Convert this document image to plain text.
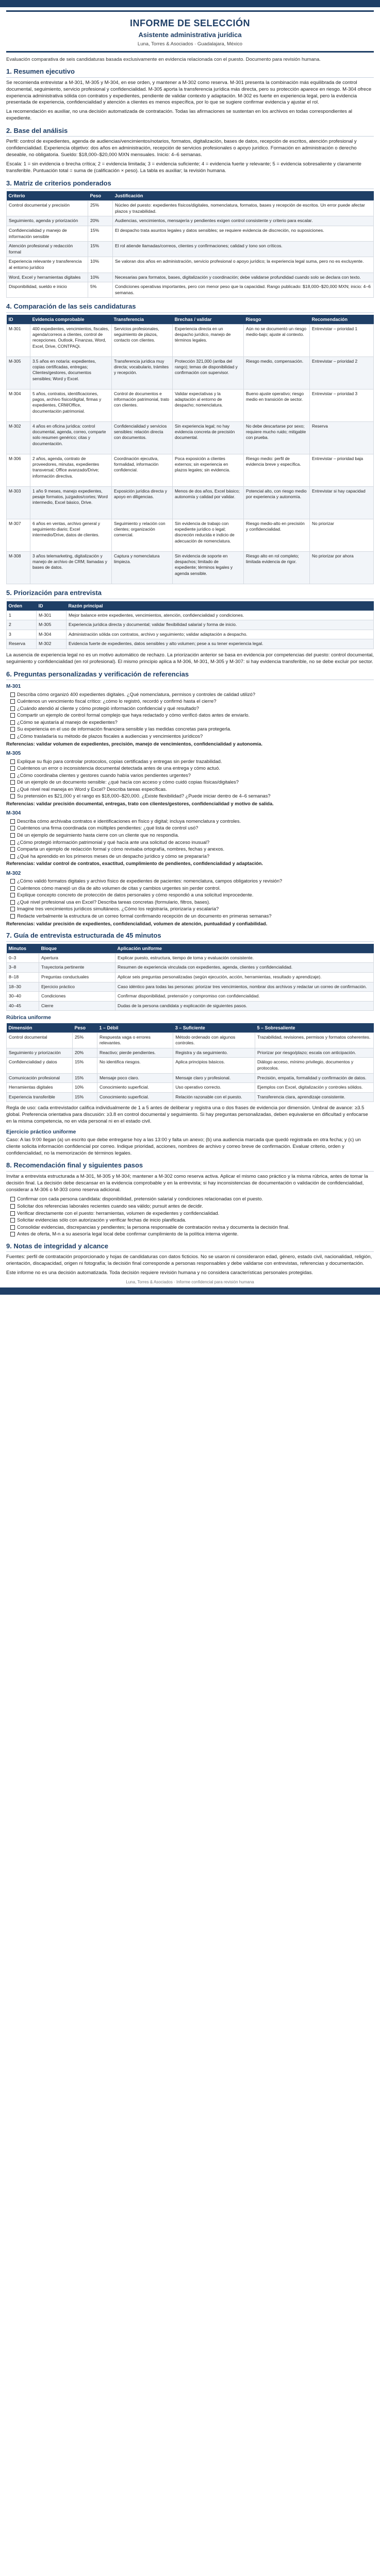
INFORME DE SELECCIÓN
Asistente administrativa jurídica
Luna, Torres & Asociados · Guadalajara, México
Evaluación comparativa de seis candidaturas basada exclusivamente en evidencia relacionada con el puesto. Documento para revisión humana.
1. Resumen ejecutivo

Se recomienda entrevistar a M-301, M-305 y M-304, en ese orden, y mantener a M-302 como reserva. M-301 presenta la combinación más equilibrada de control documental, seguimiento, servicio profesional y confidencialidad. M-305 aporta la transferencia jurídica más directa, pero su protección aparece en riesgo. M-304 ofrece experiencia administrativa sólida con contratos y expedientes, pendiente de validar contexto y adaptación. M-302 es fuerte en experiencia legal, pero la evidencia presentada de experiencia, confidencialidad y atención a clientes es menos específica, por lo que se sugiere confirmar evidencia y ajustar el rol.

La recomendación es auxiliar, no una decisión automatizada de contratación. Todas las afirmaciones se sustentan en los archivos en todas correspondientes al expediente.

2. Base del análisis

Perfil: control de expedientes, agenda de audiencias/vencimientos/notarios, formatos, digitalización, bases de datos, recepción de escritos, atención profesional y confidencialidad. Experiencia objetivo: dos años en administración, recepción de servicios profesionales o apoyo jurídico. Formación en administración o derecho deseable, no obligatoria. Sueldo: $18,000–$20,000 MXN mensuales. Inicio: 4–6 semanas.

Escala: 1 = sin evidencia o brecha crítica; 2 = evidencia limitada; 3 = evidencia suficiente; 4 = evidencia fuerte y relevante; 5 = evidencia sobresaliente y claramente transferible. Puntuación total = suma de (calificación × peso). La tabla es auxiliar; la revisión humana.

3. Matriz de criterios ponderados
Criterio	Peso	Justificación
Control documental y precisión	25%	Núcleo del puesto: expedientes físicos/digitales, nomenclatura, formatos, bases y recepción de escritos. Un error puede afectar plazos y trazabilidad.
Seguimiento, agenda y priorización	20%	Audiencias, vencimientos, mensajería y pendientes exigen control consistente y criterio para escalar.
Confidencialidad y manejo de información sensible	15%	El despacho trata asuntos legales y datos sensibles; se requiere evidencia de discreción, no suposiciones.
Atención profesional y redacción formal	15%	El rol atiende llamadas/correos, clientes y confirmaciones; calidad y tono son críticos.
Experiencia relevante y transferencia al entorno jurídico	10%	Se valoran dos años en administración, servicio profesional o apoyo jurídico; la experiencia legal suma, pero no es excluyente.
Word, Excel y herramientas digitales	10%	Necesarias para formatos, bases, digitalización y coordinación; debe validarse profundidad cuando solo se declara con texto.
Disponibilidad, sueldo e inicio	5%	Condiciones operativas importantes, pero con menor peso que la capacidad. Rango publicado: $18,000–$20,000 MXN; inicio: 4–6 semanas.
4. Comparación de las seis candidaturas
ID	Evidencia comprobable	Transferencia	Brechas / validar	Riesgo	Recomendación
M-301	400 expedientes, vencimientos, fiscales, agenda/correos a clientes, control de recepciones. Outlook, Finanzas, Word, Excel, Drive, CONTPAQi.	Servicios profesionales, seguimiento de plazos, contacto con clientes.	Experiencia directa en un despacho jurídico, manejo de términos legales.	Aún no se documentó un riesgo medio-bajo; ajuste al contexto.	Entrevistar – prioridad 1
M-305	3.5 años en notaría: expedientes, copias certificadas, entregas; Clientes/gestores, documentos sensibles; Word y Excel.	Transferencia jurídica muy directa; vocabulario, trámites y recepción.	Protección 321,000 (arriba del rango); temas de disponibilidad y confirmación con supervisor.	Riesgo medio, compensación.	Entrevistar – prioridad 2
M-304	5 años, contratos, identificaciones, pagos, archivo físico/digital, firmas y expedientes, CRM/Office, documentación patrimonial.	Control de documentos e información patrimonial, trato con clientes.	Validar expectativas y la adaptación al entorno de despacho; nomenclatura.	Bueno ajuste operativo; riesgo medio en transición de sector.	Entrevistar – prioridad 3
M-302	4 años en oficina jurídica: control documental, agenda, correo, comparte solo resumen genérico; citas y documentación.	Confidencialidad y servicios sensibles: relación directa con documentos.	Sin experiencia legal; no hay evidencia concreta de precisión documental.	No debe descartarse por sexo; requiere mucho ruido; mitigable con prueba.	Reserva
M-306	2 años, agenda, contrato de proveedores, minutas, expedientes transversal; Office avanzado/Drive; información directiva.	Coordinación ejecutiva, formalidad, información confidencial.	Poca exposición a clientes externos; sin experiencia en plazos legales; sin evidencia.	Riesgo medio: perfil de evidencia breve y específica.	Entrevistar – prioridad baja
M-303	1 año 9 meses, manejo expedientes, pesaje formatos, juzgados/cortes; Word intermedio, Excel básico, Drive.	Exposición jurídica directa y apoyo en diligencias.	Menos de dos años, Excel básico; autonomía y calidad por validar.	Potencial alto, con riesgo medio por experiencia y autonomía.	Entrevistar si hay capacidad
M-307	6 años en ventas, archivo general y seguimiento diario; Excel intermedio/Drive, datos de clientes.	Seguimiento y relación con clientes; organización comercial.	Sin evidencia de trabajo con expediente jurídico o legal; discreción reducida e indicio de adecuación de nomenclatura.	Riesgo medio-alto en precisión y confidencialidad.	No priorizar
M-308	3 años telemarketing, digitalización y manejo de archivo de CRM; llamadas y bases de datos.	Captura y nomenclatura limpieza.	Sin evidencia de soporte en despachos; limitado de expediente; términos legales y agenda sensible.	Riesgo alto en rol completo; limitada evidencia de rigor.	No priorizar por ahora
5. Priorización para entrevista
Orden	ID	Razón principal
1	M-301	Mejor balance entre expedientes, vencimientos, atención, confidencialidad y condiciones.
2	M-305	Experiencia jurídica directa y documental; validar flexibilidad salarial y forma de inicio.
3	M-304	Administración sólida con contratos, archivo y seguimiento; validar adaptación a despacho.
Reserva	M-302	Evidencia fuerte de expedientes, datos sensibles y alto volumen; pese a su tener experiencia legal.

La ausencia de experiencia legal no es un motivo automático de rechazo. La priorización anterior se basa en evidencia por competencias del puesto: control documental, seguimiento y confidencialidad (en rol profesional). El mismo principio aplica a M-306, M-301, M-305 y M-307: si hay evidencia transferible, no se debe excluir por sector.

6. Preguntas personalizadas y verificación de referencias
M-301
Describa cómo organizó 400 expedientes digitales. ¿Qué nomenclatura, permisos y controles de calidad utilizó?
Cuéntenos un vencimiento fiscal crítico: ¿cómo lo registró, recordó y confirmó hasta el cierre?
¿Cuándo atendió al cliente y cómo protegió información confidencial y qué resultado?
Compartir un ejemplo de control formal complejo que haya redactado y cómo verificó datos antes de enviarlo.
¿Cómo se ajustaría al manejo de expedientes?
Su experiencia en el uso de información financiera sensible y las medidas concretas para protegerla.
¿Cómo trasladaría su método de plazos fiscales a audiencias y vencimientos jurídicos?
Referencias: validar volumen de expedientes, precisión, manejo de vencimientos, confidencialidad y autonomía.
M-305
Explique su flujo para controlar protocolos, copias certificadas y entregas sin perder trazabilidad.
Cuéntenos un error o inconsistencia documental detectada antes de una entrega y cómo actuó.
¿Cómo coordinaba clientes y gestores cuando había varios pendientes urgentes?
Dé un ejemplo de un documento sensible: ¿qué hacía con acceso y cómo cuidó copias físicas/digitales?
¿Qué nivel real maneja en Word y Excel? Describa tareas específicas.
Su pretensión es $21,000 y el rango es $18,000–$20,000. ¿Existe flexibilidad? ¿Puede iniciar dentro de 4–6 semanas?
Referencias: validar precisión documental, entregas, trato con clientes/gestores, confidencialidad y motivo de salida.
M-304
Describa cómo archivaba contratos e identificaciones en físico y digital; incluya nomenclatura y controles.
Cuéntenos una firma coordinada con múltiples pendientes: ¿qué lista de control usó?
Dé un ejemplo de seguimiento hasta cierre con un cliente que no respondía.
¿Cómo protegió información patrimonial y qué hacía ante una solicitud de acceso inusual?
Comparta un ejemplo de redacción formal y cómo revisaba ortografía, nombres, fechas y anexos.
¿Qué ha aprendido en los primeros meses de un despacho jurídico y cómo se prepararía?
Referencias: validar control de contratos, exactitud, cumplimiento de pendientes, confidencialidad y adaptación.
M-302
¿Cómo validó formatos digitales y archivo físico de expedientes de pacientes: nomenclatura, campos obligatorios y revisión?
Cuéntenos cómo manejó un día de alto volumen de citas y cambios urgentes sin perder control.
Explique concepto concreto de protección de datos personales y cómo respondió a una solicitud improcedente.
¿Qué nivel profesional usa en Excel? Describa tareas concretas (formulario, filtros, bases).
Imagine tres vencimientos jurídicos simultáneos. ¿Cómo los registraría, priorizaría y escalaría?
Redacte verbalmente la estructura de un correo formal confirmando recepción de un documento en primeras semanas?
Referencias: validar precisión de expedientes, confidencialidad, volumen de atención, puntualidad y confiabilidad.
7. Guía de entrevista estructurada de 45 minutos
Minutos	Bloque	Aplicación uniforme
0–3	Apertura	Explicar puesto, estructura, tiempo de toma y evaluación consistente.
3–8	Trayectoria pertinente	Resumen de experiencia vinculada con expedientes, agenda, clientes y confidencialidad.
8–18	Preguntas conductuales	Aplicar seis preguntas personalizadas (según ejecución, acción, herramientas, resultado y aprendizaje).
18–30	Ejercicio práctico	Caso idéntico para todas las personas: priorizar tres vencimientos, nombrar dos archivos y redactar un correo de confirmación.
30–40	Condiciones	Confirmar disponibilidad, pretensión y compromiso con confidencialidad.
40–45	Cierre	Dudas de la persona candidata y explicación de siguientes pasos.
Rúbrica uniforme
Dimensión	Peso	1 – Débil	3 – Suficiente	5 – Sobresaliente
Control documental	25%	Respuesta vaga o errores relevantes.	Método ordenado con algunos controles.	Trazabilidad, revisiones, permisos y formatos coherentes.
Seguimiento y priorización	20%	Reactivo; pierde pendientes.	Registra y da seguimiento.	Priorizar por riesgo/plazo; escala con anticipación.
Confidencialidad y datos	15%	No identifica riesgos.	Aplica principios básicos.	Diálogo acceso, mínimo privilegio, documentos y protocolos.
Comunicación profesional	15%	Mensaje poco claro.	Mensaje claro y profesional.	Precisión, empatía, formalidad y confirmación de datos.
Herramientas digitales	10%	Conocimiento superficial.	Uso operativo correcto.	Ejemplos con Excel, digitalización y controles sólidos.
Experiencia transferible	15%	Conocimiento superficial.	Relación razonable con el puesto.	Transferencia clara, aprendizaje consistente.

Regla de uso: cada entrevistador califica individualmente de 1 a 5 antes de deliberar y registra una o dos frases de evidencia por dimensión. Umbral de avance: ≥3.5 global. Preferencia orientativa para discusión: ≥3.8 en control documental y seguimiento. Si hay preguntas personalizadas, deben equivalerse en dificultad y enfocarse en la misma competencia, no en vida personal ni en el estado civil.

Ejercicio práctico uniforme

Caso: A las 9:00 llegan (a) un escrito que debe entregarse hoy a las 13:00 y falta un anexo; (b) una audiencia marcada que quedó registrada en otra fecha; y (c) un cliente solicita información confidencial por correo. Indique prioridad, acciones, nombres de archivo y correo breve de confirmación. Evaluar criterio, orden y confidencialidad, no la memorización de términos legales.

8. Recomendación final y siguientes pasos

Invitar a entrevista estructurada a M-301, M-305 y M-304; mantener a M-302 como reserva activa. Aplicar el mismo caso práctico y la misma rúbrica, antes de tomar la decisión final. La decisión debe descansar en la evidencia comprobable y en la entrevista; si hay inconsistencias de documentación o validación de confidencialidad, considerar a M-306 o M-303 como reserva adicional.

Confirmar con cada persona candidata: disponibilidad, pretensión salarial y condiciones relacionadas con el puesto.
Solicitar dos referencias laborales recientes cuando sea válido; pursuit antes de decidir.
Verificar directamente con el puesto: herramientas, volumen de expedientes y confidencialidad.
Solicitar evidencias sólo con autorización y verificar fechas de inicio planificada.
Consolidar evidencias, discrepancias y pendientes; la persona responsable de contratación revisa y documenta la decisión final.
Antes de oferta, M-n a su asesoría legal local debe confirmar cumplimiento de la política interna vigente.
9. Notas de integridad y alcance

Fuentes: perfil de contratación proporcionado y hojas de candidaturas con datos ficticios. No se usaron ni consideraron edad, género, estado civil, nacionalidad, religión, orientación, discapacidad, origen ni fotografía; la decisión final corresponde a personas responsables y debe validarse con entrevistas, referencias y documentación.

Este informe no es una decisión automatizada. Toda decisión requiere revisión humana y no considera características personales protegidas.

Luna, Torres & Asociados · Informe confidencial para revisión humana
